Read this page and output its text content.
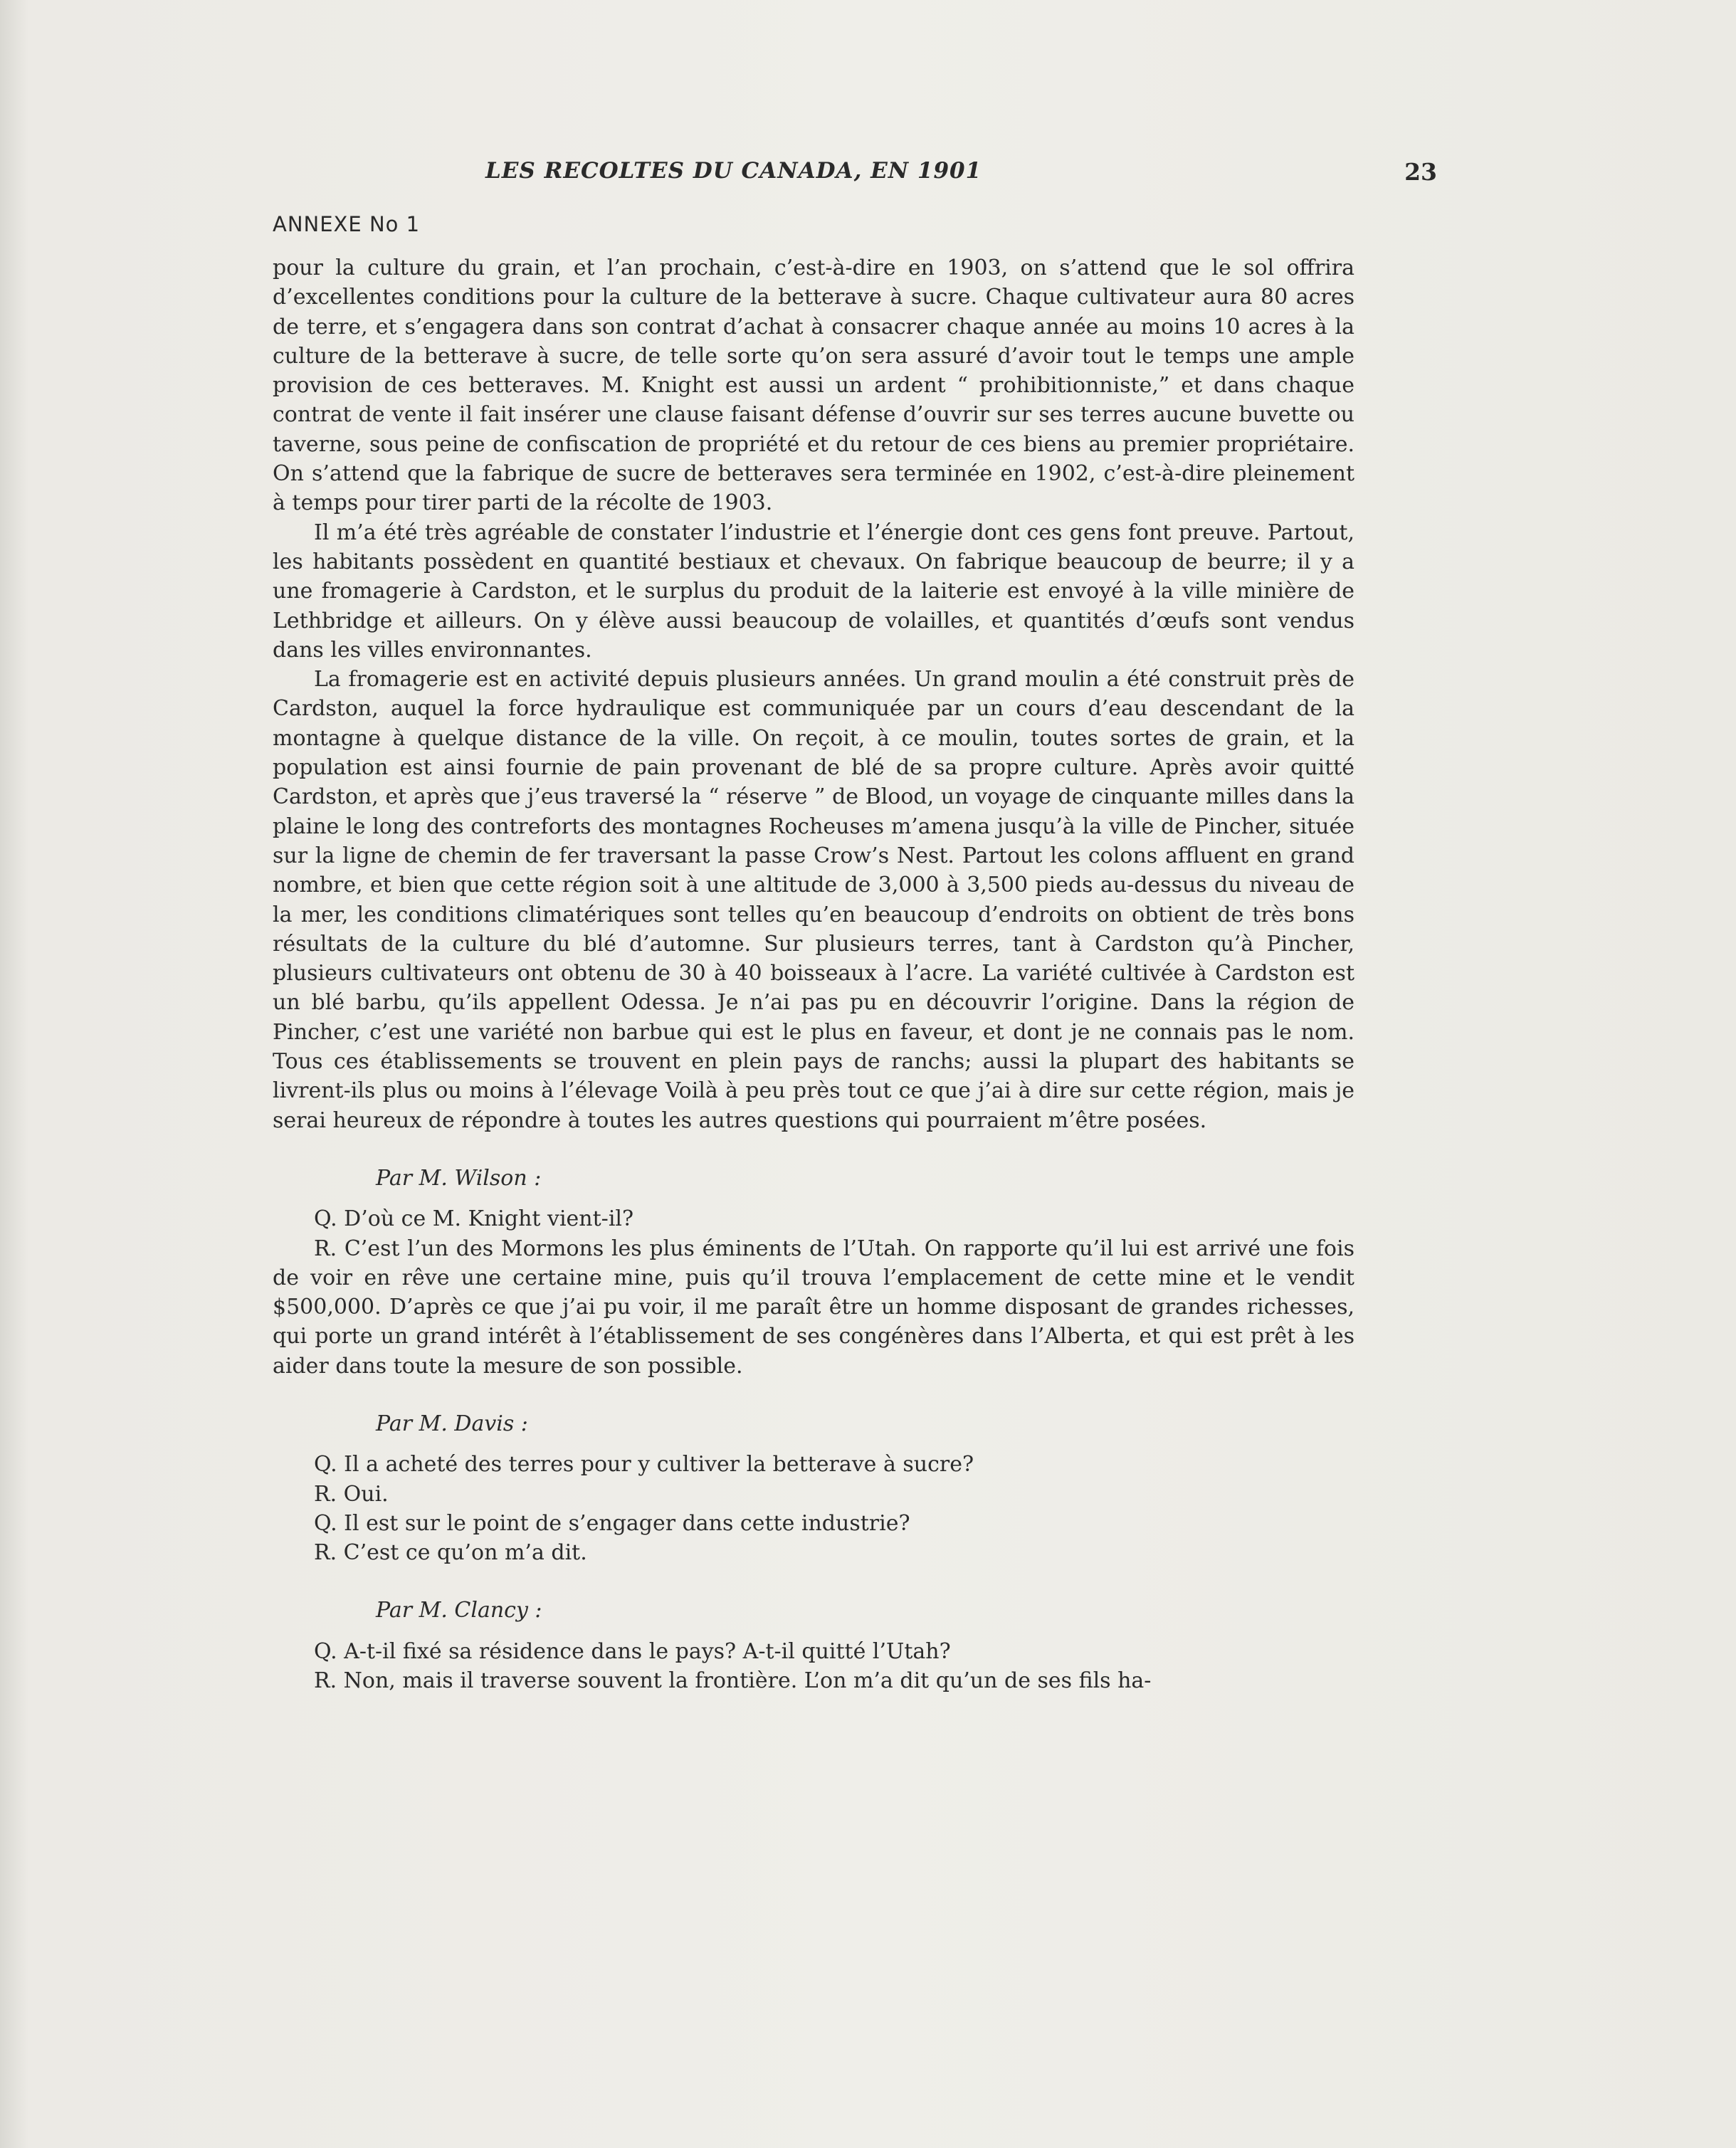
LES RECOLTES DU CANADA, EN 1901	23
ANNEXE No 1

pour la culture du grain, et l’an prochain, c’est-à-dire en 1903, on s’attend que le sol offrira d’excellentes conditions pour la culture de la betterave à sucre. Chaque cultivateur aura 80 acres de terre, et s’engagera dans son contrat d’achat à consacrer chaque année au moins 10 acres à la culture de la betterave à sucre, de telle sorte qu’on sera assuré d’avoir tout le temps une ample provision de ces betteraves. M. Knight est aussi un ardent “ prohibitionniste,” et dans chaque contrat de vente il fait insérer une clause faisant défense d’ouvrir sur ses terres aucune buvette ou taverne, sous peine de confiscation de propriété et du retour de ces biens au premier propriétaire. On s’attend que la fabrique de sucre de betteraves sera terminée en 1902, c’est-à-dire pleinement à temps pour tirer parti de la récolte de 1903.

Il m’a été très agréable de constater l’industrie et l’énergie dont ces gens font preuve. Partout, les habitants possèdent en quantité bestiaux et chevaux. On fabrique beaucoup de beurre; il y a une fromagerie à Cardston, et le surplus du produit de la laiterie est envoyé à la ville minière de Lethbridge et ailleurs. On y élève aussi beaucoup de volailles, et quantités d’œufs sont vendus dans les villes environnantes.

La fromagerie est en activité depuis plusieurs années. Un grand moulin a été construit près de Cardston, auquel la force hydraulique est communiquée par un cours d’eau descendant de la montagne à quelque distance de la ville. On reçoit, à ce moulin, toutes sortes de grain, et la population est ainsi fournie de pain provenant de blé de sa propre culture. Après avoir quitté Cardston, et après que j’eus traversé la “ réserve ” de Blood, un voyage de cinquante milles dans la plaine le long des contreforts des montagnes Rocheuses m’amena jusqu’à la ville de Pincher, située sur la ligne de chemin de fer traversant la passe Crow’s Nest. Partout les colons affluent en grand nombre, et bien que cette région soit à une altitude de 3,000 à 3,500 pieds au-dessus du niveau de la mer, les conditions climatériques sont telles qu’en beaucoup d’endroits on obtient de très bons résultats de la culture du blé d’automne. Sur plusieurs terres, tant à Cardston qu’à Pincher, plusieurs cultivateurs ont obtenu de 30 à 40 boisseaux à l’acre. La variété cultivée à Cardston est un blé barbu, qu’ils appellent Odessa. Je n’ai pas pu en découvrir l’origine. Dans la région de Pincher, c’est une variété non barbue qui est le plus en faveur, et dont je ne connais pas le nom. Tous ces établissements se trouvent en plein pays de ranchs; aussi la plupart des habitants se livrent-ils plus ou moins à l’élevage Voilà à peu près tout ce que j’ai à dire sur cette région, mais je serai heureux de répondre à toutes les autres questions qui pourraient m’être posées.

Par M. Wilson :

Q. D’où ce M. Knight vient-il?

R. C’est l’un des Mormons les plus éminents de l’Utah. On rapporte qu’il lui est arrivé une fois de voir en rêve une certaine mine, puis qu’il trouva l’emplacement de cette mine et le vendit $500,000. D’après ce que j’ai pu voir, il me paraît être un homme disposant de grandes richesses, qui porte un grand intérêt à l’établissement de ses congénères dans l’Alberta, et qui est prêt à les aider dans toute la mesure de son possible.

Par M. Davis :

Q. Il a acheté des terres pour y cultiver la betterave à sucre?

R. Oui.

Q. Il est sur le point de s’engager dans cette industrie?

R. C’est ce qu’on m’a dit.

Par M. Clancy :

Q. A-t-il fixé sa résidence dans le pays? A-t-il quitté l’Utah?

R. Non, mais il traverse souvent la frontière. L’on m’a dit qu’un de ses fils ha-
